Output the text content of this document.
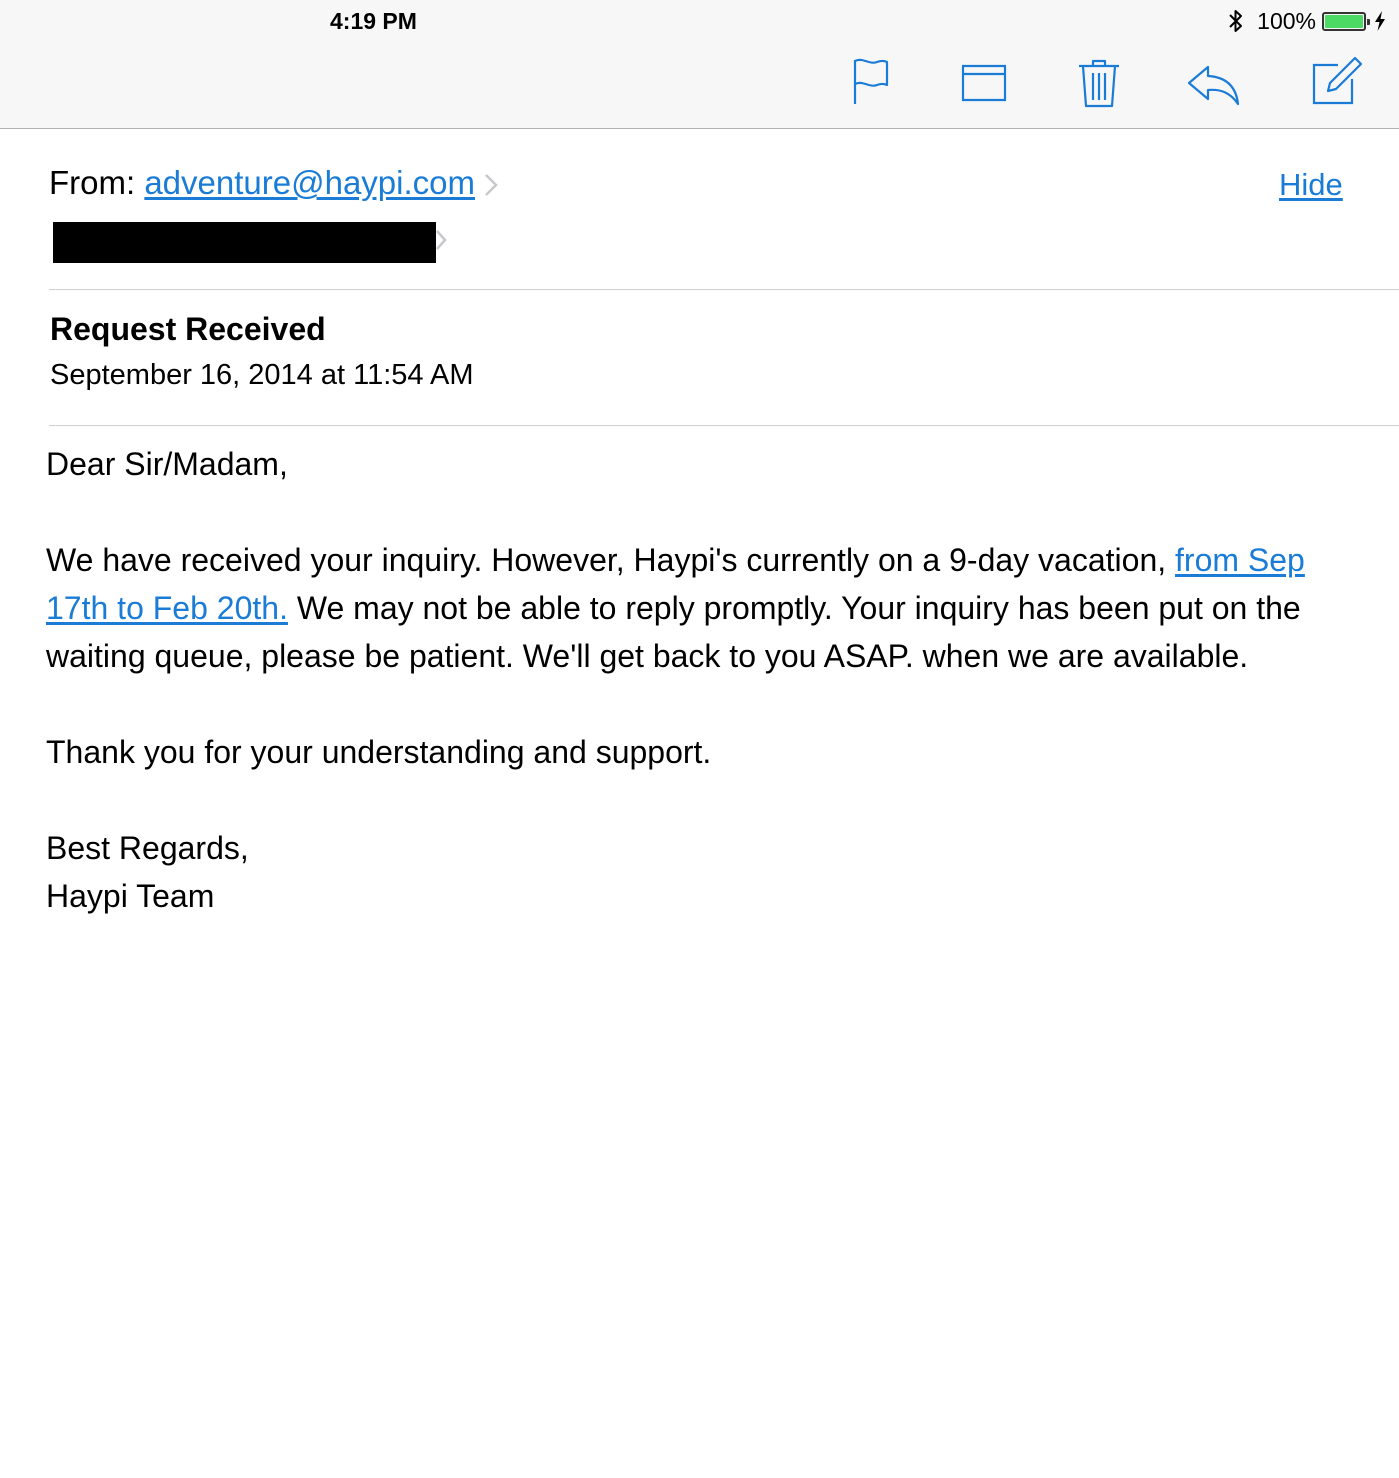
4:19 PM	100%
From: adventure@haypi.com	Hide
Request Received
September 16, 2014 at 11:54 AM

Dear Sir/Madam,

We have received your inquiry. However, Haypi's currently on a 9-day vacation, from Sep 17th to Feb 20th. We may not be able to reply promptly. Your inquiry has been put on the waiting queue, please be patient. We'll get back to you ASAP. when we are available.

Thank you for your understanding and support.

Best Regards,

Haypi Team
